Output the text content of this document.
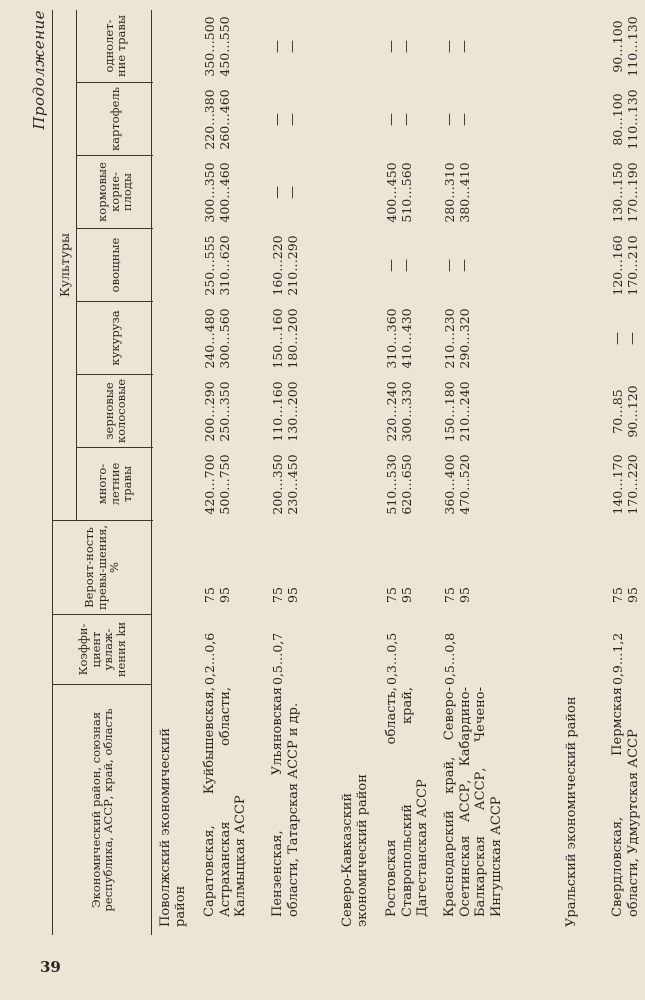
39
Продолжение
Экономический район, союзная республика, АССР, край, область
Коэффи-циент увлаж-нения kи
Вероят-ность превы-шения, %
Культуры
много-летние травы
зерновые колосовые
кукуруза
овощные
кормовые корне-плоды
картофель
однолет-ние травы
Поволжский экономический район Саратовская, Куйбышевская, Астраханская области, Калмыцкая АССР
0,2…0,6
75 95
420…700 500…750
200…290 250…350
240…480 300…560
250…555 310…620
300…350 400…460
220…380 260…460
350…500 450…550
Пензенская, Ульяновская области, Татарская АССР и др.
0,5…0,7
75 95
200…350 230…450
110…160 130…200
150…160 180…200
160…220 210…290
— —
— —
— —
Северо-Кавказский экономический район Ростовская область, Ставропольский край, Дагестанская АССР
0,3…0,5
75 95
510…530 620…650
220…240 300…330
310…360 410…430
— —
400…450 510…560
— —
— —
Краснодарский край, Северо-Осетинская АССР, Кабардино-Балкарская АССР, Чечено-Ингушская АССР
0,5…0,8
75 95
360…400 470…520
150…180 210…240
210…230 290…320
— —
280…310 380…410
— —
— —
Уральский экономический район Свердловская, Пермская области, Удмуртская АССР
0,9…1,2
75 95
140…170 170…220
70…85 90…120
— —
120…160 170…210
130…150 170…190
80…100 110…130
90…100 110…130
